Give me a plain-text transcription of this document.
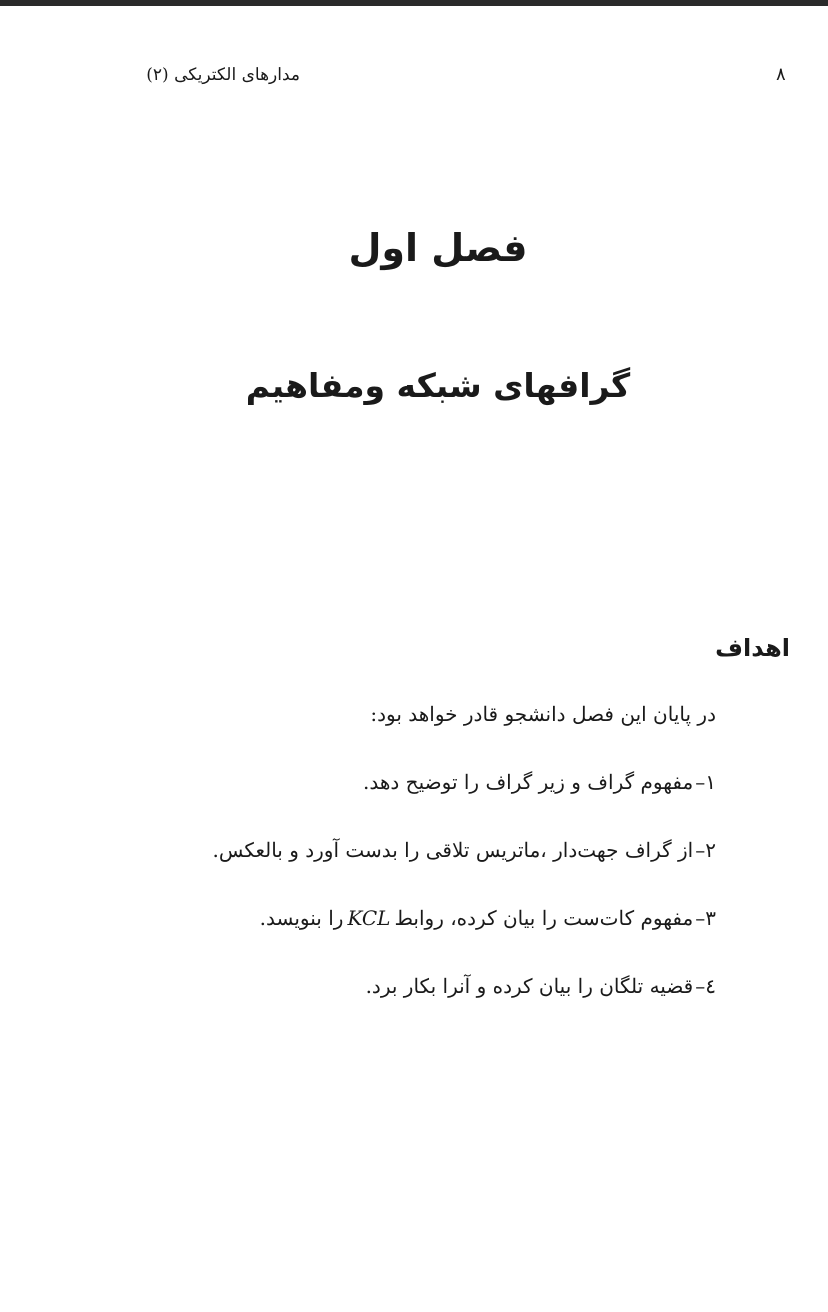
٨
مدارهای الکتریکی (٢)
فصل اول
گرافهای شبکه ومفاهیم
اهداف
در پایان این فصل دانشجو قادر خواهد بود:
١–
مفهوم گراف و زیر گراف را توضیح دهد.
٢–
از گراف جهت‌دار ،ماتریس تلاقی را بدست آورد و بالعکس.
٣–
مفهوم کات‌ست را بیان کرده، روابط
KCL
را بنویسد.
٤–
قضیه تلگان را بیان کرده و آنرا بکار برد.
